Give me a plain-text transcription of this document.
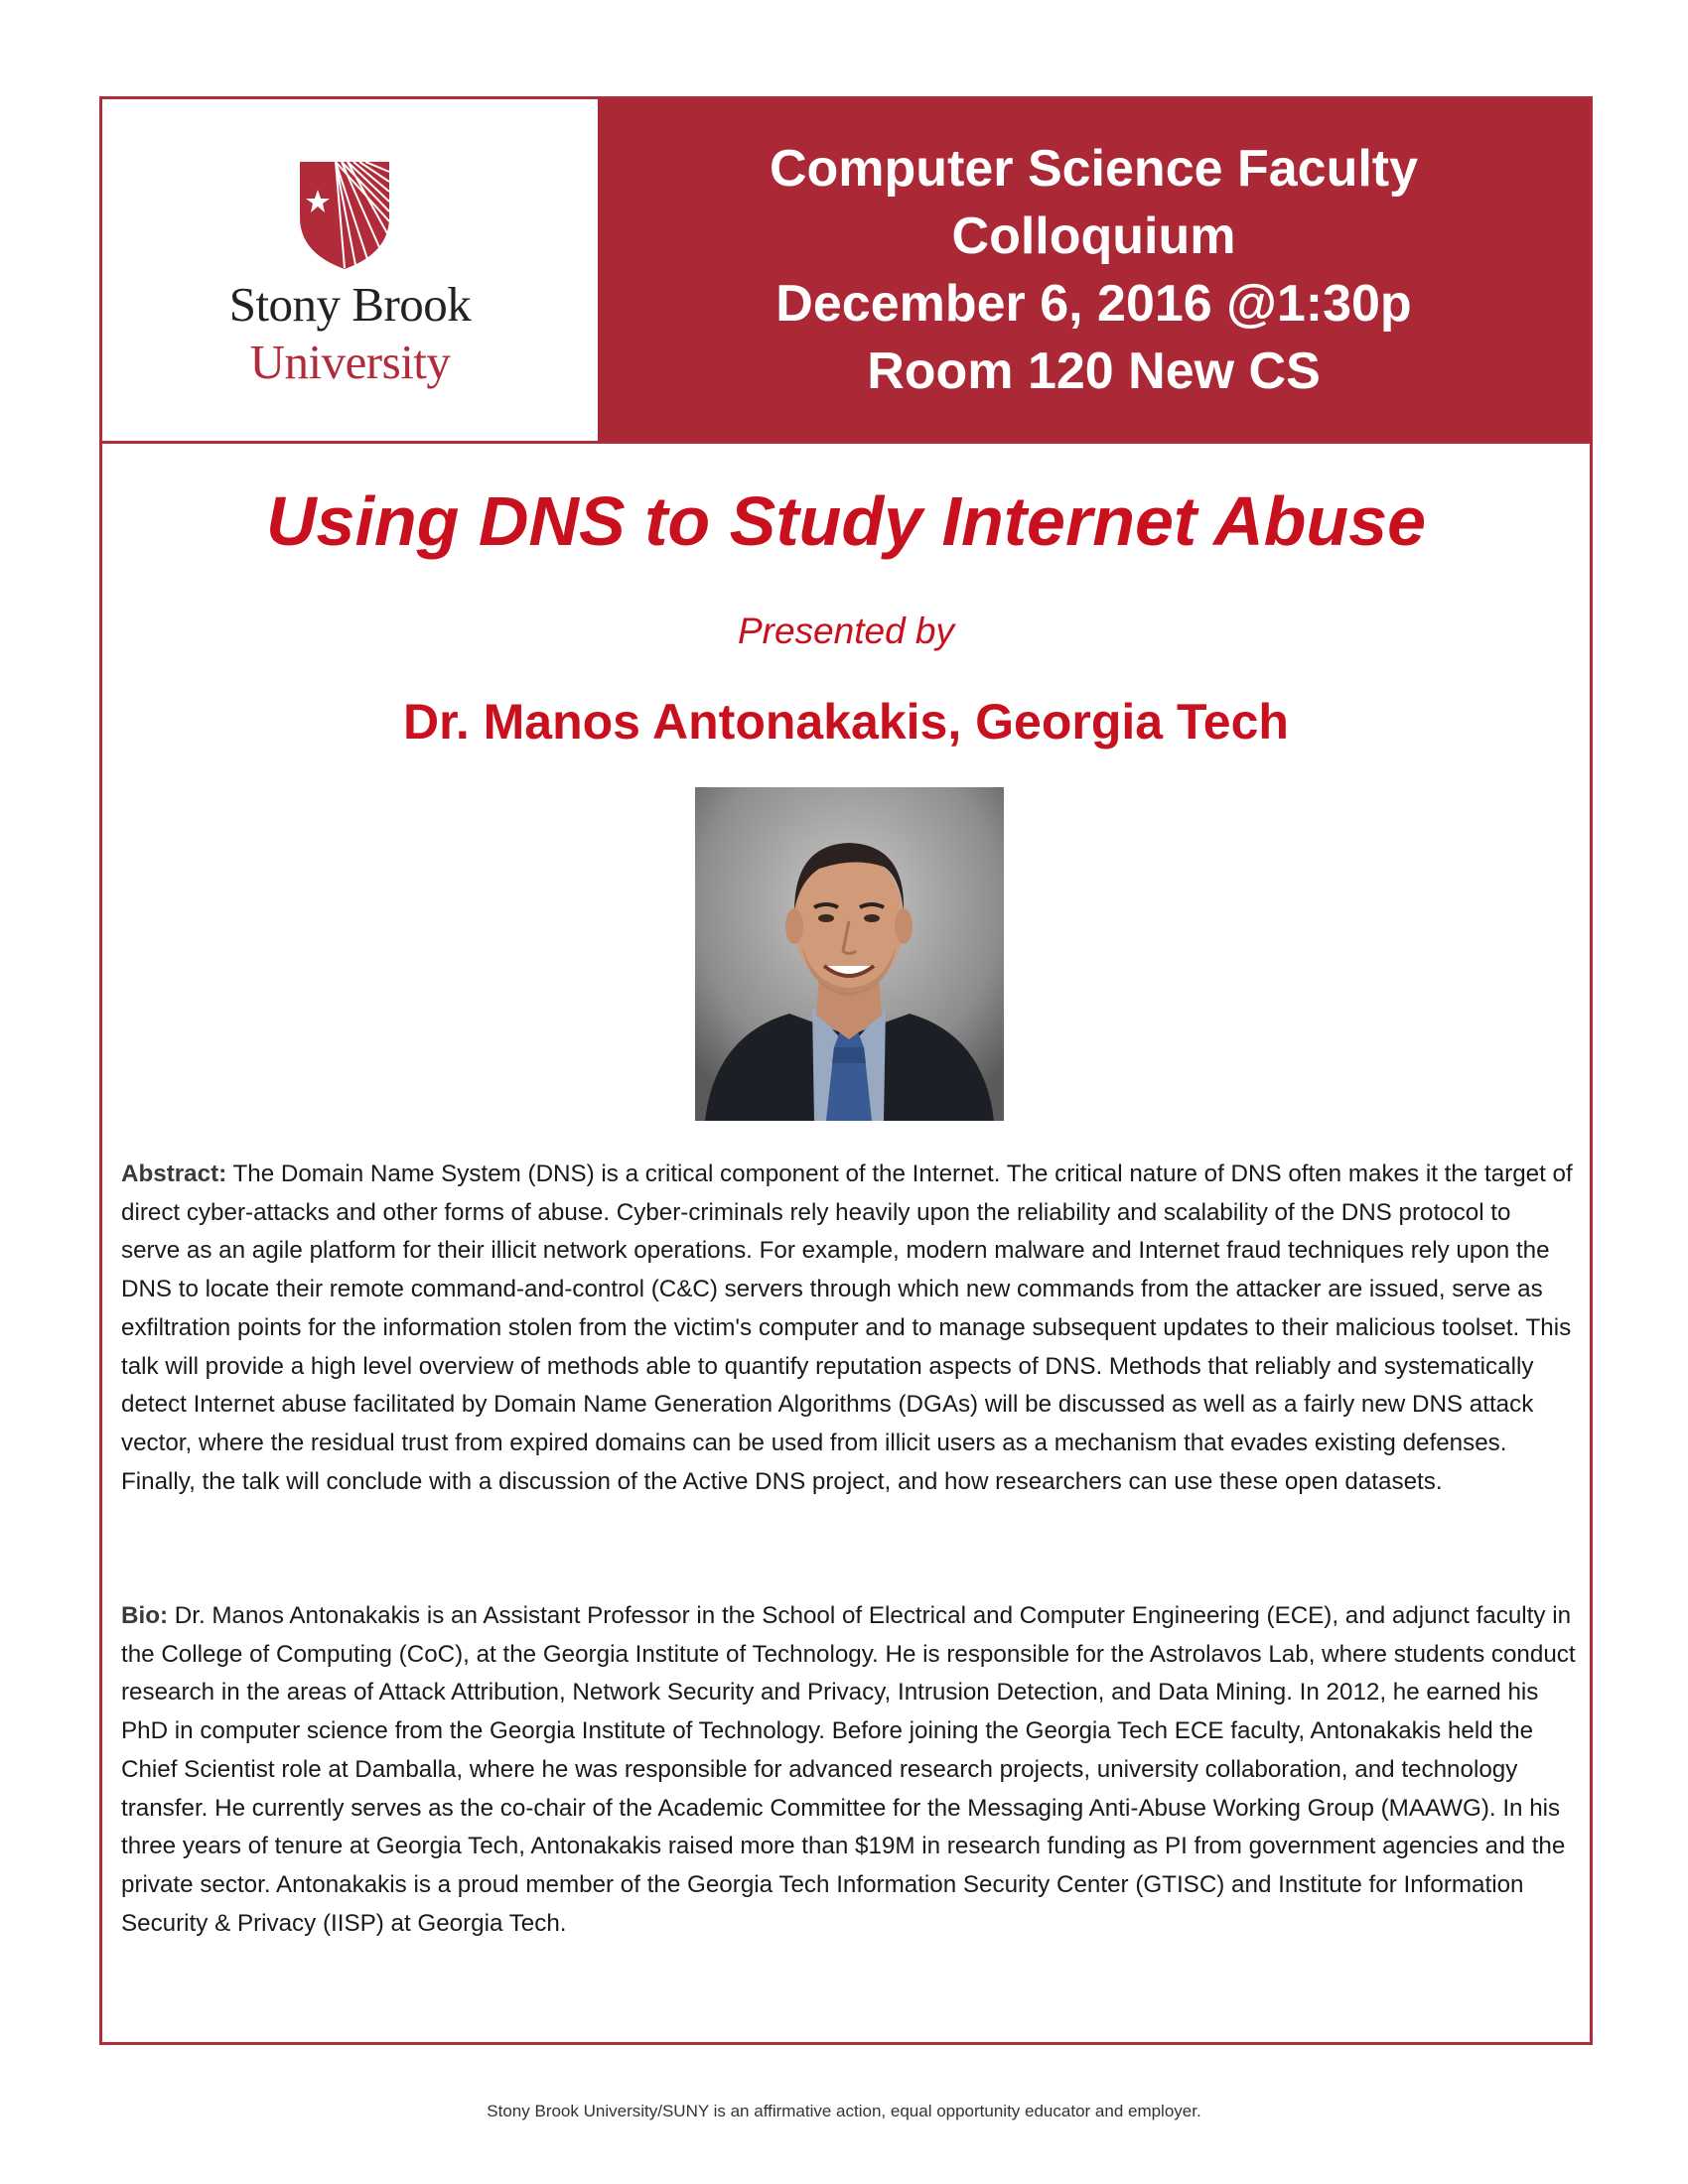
Stony Brook
University
Computer Science Faculty
Colloquium
December 6, 2016 @1:30p
Room 120 New CS
Using DNS to Study Internet Abuse
Presented by
Dr. Manos Antonakakis, Georgia Tech
Abstract: The Domain Name System (DNS) is a critical component of the Internet. The critical nature of DNS often makes it the target of direct cyber-attacks and other forms of abuse. Cyber-criminals rely heavily upon the reliability and scalability of the DNS protocol to serve as an agile platform for their illicit network operations. For example, modern malware and Internet fraud techniques rely upon the DNS to locate their remote command-and-control (C&C) servers through which new commands from the attacker are issued, serve as exfiltration points for the information stolen from the victim's computer and to manage subsequent updates to their malicious toolset. This talk will provide a high level overview of methods able to quantify reputation aspects of DNS. Methods that reliably and systematically detect Internet abuse facilitated by Domain Name Generation Algorithms (DGAs) will be discussed as well as a fairly new DNS attack vector, where the residual trust from expired domains can be used from illicit users as a mechanism that evades existing defenses. Finally, the talk will conclude with a discussion of the Active DNS project, and how researchers can use these open datasets.
Bio: Dr. Manos Antonakakis is an Assistant Professor in the School of Electrical and Computer Engineering (ECE), and adjunct faculty in the College of Computing (CoC), at the Georgia Institute of Technology. He is responsible for the Astrolavos Lab, where students conduct research in the areas of Attack Attribution, Network Security and Privacy, Intrusion Detection, and Data Mining. In 2012, he earned his PhD in computer science from the Georgia Institute of Technology. Before joining the Georgia Tech ECE faculty, Antonakakis held the Chief Scientist role at Damballa, where he was responsible for advanced research projects, university collaboration, and technology transfer. He currently serves as the co-chair of the Academic Committee for the Messaging Anti-Abuse Working Group (MAAWG). In his three years of tenure at Georgia Tech, Antonakakis raised more than $19M in research funding as PI from government agencies and the private sector. Antonakakis is a proud member of the Georgia Tech Information Security Center (GTISC) and Institute for Information Security & Privacy (IISP) at Georgia Tech.
Stony Brook University/SUNY is an affirmative action, equal opportunity educator and employer.
